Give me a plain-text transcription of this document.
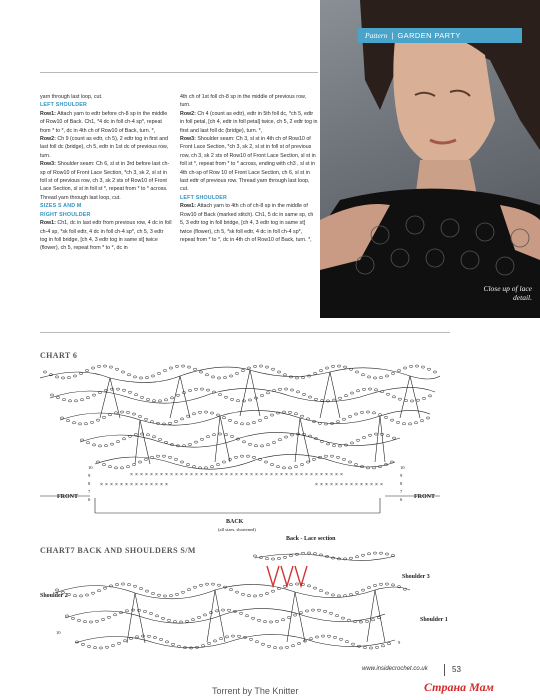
Pattern | GARDEN PARTY
Close up of lace detail.

yarn through last loop, cut.

LEFT SHOULDER

Row1: Attach yarn to edtr before ch-8 sp in the middle of Row10 of Back. Ch1, *4 dc in foll ch-4 sp*, repeat from * to *, dc in 4th ch of Row10 of Back, turn. *,

Row2: Ch 9 (count as edtr, ch 5), 2 edtr tog in first and last foll dc (bridge), ch 5, edtr in 1st dc of previous row, turn.

Row3: Shoulder seam: Ch 6, sl st in 3rd before last ch-sp of Row10 of Front Lace Section, *ch 3, sk 2, sl st in foll st of previous row, ch 3, sk 2 sts of Row10 of Front Lace Section, sl st in foll st *, repeat from * to * across. Thread yarn through last loop, cut.

SIZES S AND M

RIGHT SHOULDER

Row1: Ch1, dc in last edtr from previous row, 4 dc in foll ch-4 sp, *sk foll edtr, 4 dc in foll ch-4 sp*, ch 5, 3 edtr tog in foll bridge, [ch 4, 3 edtr tog in same st] twice (flower), ch 5, repeat from * to *, dc in

4th ch of 1st foll ch-8 sp in the middle of previous row, turn.

Row2: Ch 4 (count as edtr), edtr in 5th foll dc, *ch 5, edtr in foll petal, [ch 4, edtr in foll petal] twice, ch 5, 2 edtr tog in first and last foll dc (bridge), turn. *,

Row3: Shoulder seam: Ch 3, sl st in 4th ch of Row10 of Front Lace Section, *ch 3, sk 2, sl st in foll st of previous row, ch 3, sk 2 sts of Row10 of Front Lace Section, sl st in foll st *, repeat from * to * across, ending with ch3 , sl st in 4th ch-sp of Row 10 of Front Lace Section, ch 6, sl st in last edtr of previous row. Thread yarn through last loop, cut.

LEFT SHOULDER

Row1: Attach yarn to 4th ch of ch-8 sp in the middle of Row10 of Back (marked stitch). Ch1, 5 dc in same sp, ch 5, 3 edtr tog in foll bridge, [ch 4, 3 edtr tog in same st] twice (flower), ch 5, *sk foll edtr, 4 dc in foll ch-4 sp*, repeat from * to *, dc in 4th ch of Row10 of Back, turn. *,

CHART 6
× × × × × × × × × × × × × ×	× × × × × × × × × × × × × ×
× × × × × × × × × × × × × × × × × × × × × × × × × × × × × × × × × × × × × × × × × × ×
10
9
8
7
6
10
9
8
7
6
FRONT	FRONT
BACK
(all sizes, shortened)
CHART7 BACK AND SHOULDERS S/M
Back - Lace section
Shoulder 3
Shoulder 2
Shoulder 1
10
9
www.insidecrochet.co.uk	53
Torrent by The Knitter	Страна Мам
